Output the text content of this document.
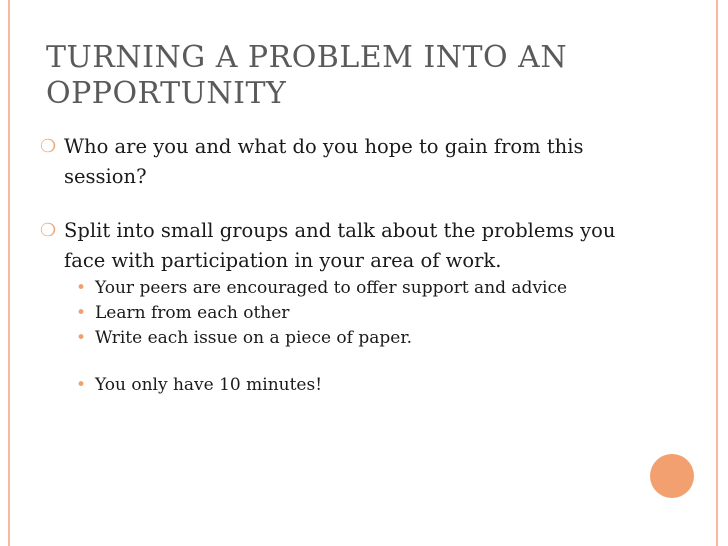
TURNING A PROBLEM INTO AN OPPORTUNITY
❍ Who are you and what do you hope to gain from this session?
❍ Split into small groups and talk about the problems you face with participation in your area of work.
• Your peers are encouraged to offer support and advice
• Learn from each other
• Write each issue on a piece of paper.
• You only have 10 minutes!
